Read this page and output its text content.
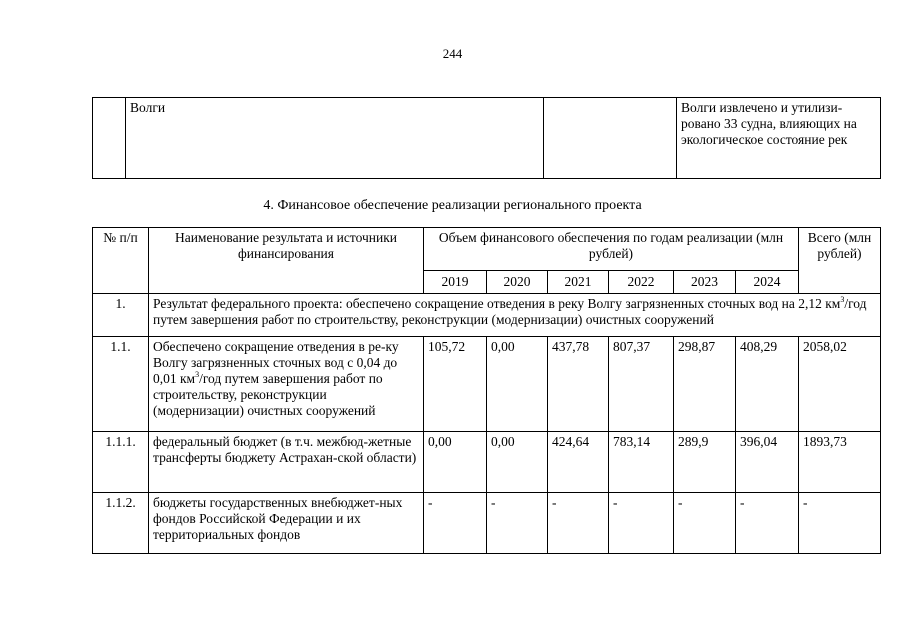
244
	Волги		Волги извлечено и утилизи-ровано 33 судна, влияющих на экологическое состояние рек
4. Финансовое обеспечение реализации регионального проекта
№ п/п	Наименование результата и источники финансирования	Объем финансового обеспечения по годам реализации (млн рублей)						Всего (млн рублей)
		2019	2020	2021	2022	2023	2024	
1.	Результат федерального проекта: обеспечено сокращение отведения в реку Волгу загрязненных сточных вод на 2,12 $км^3$/год путем завершения работ по строительству, реконструкции (модернизации) очистных сооружений							
1.1.	Обеспечено сокращение отведения в ре-ку Волгу загрязненных сточных вод с 0,04 до 0,01 $км^3$/год путем завершения работ по строительству, реконструкции (модернизации) очистных сооружений	105,72	0,00	437,78	807,37	298,87	408,29	2058,02
1.1.1.	федеральный бюджет (в т.ч. межбюд-жетные трансферты бюджету Астрахан-ской области)	0,00	0,00	424,64	783,14	289,9	396,04	1893,73
1.1.2.	бюджеты государственных внебюджет-ных фондов Российской Федерации и их территориальных фондов	-	-	-	-	-	-	-
